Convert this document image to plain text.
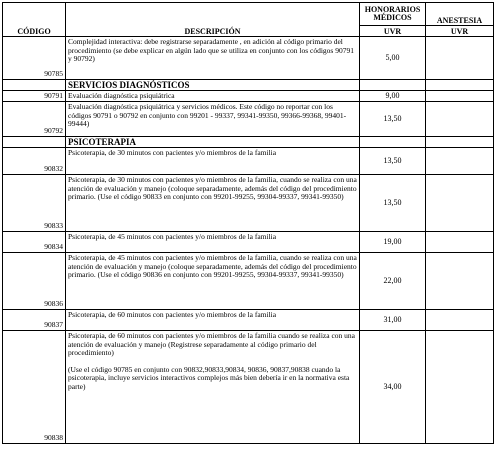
CÓDIGO	DESCRIPCIÓN	HONORARIOS MÉDICOS	ANESTESIA
		UVR	UVR
90785	Complejidad interactiva: debe registrarse separadamente , en adición al código primario del procedimiento (se debe explicar en algún lado que se utiliza en conjunto con los códigos 90791 y 90792)	5,00	
	SERVICIOS DIAGNÓSTICOS		
90791	Evaluación diagnóstica psiquiátrica	9,00	
90792	Evaluación diagnóstica psiquiátrica y servicios médicos. Este código no reportar con los códigos 90791 o 90792 en conjunto con 99201 - 99337, 99341-99350, 99366-99368, 99401-99444)	13,50	
	PSICOTERAPIA		
90832	Psicoterapia, de 30 minutos con pacientes y/o miembros de la familia	13,50	
90833	Psicoterapia, de 30 minutos con pacientes y/o miembros de la familia, cuando se realiza con una atención de evaluación y manejo (coloque separadamente, además del código del procedimiento primario. (Use el código 90833 en conjunto con 99201-99255, 99304-99337, 99341-99350)	13,50	
90834	Psicoterapia, de 45 minutos con pacientes y/o miembros de la familia	19,00	
90836	Psicoterapia, de 45 minutos con pacientes y/o miembros de la familia, cuando se realiza con una atención de evaluación y manejo (coloque separadamente, además del código del procedimiento primario. (Use el código 90836 en conjunto con 99201-99255, 99304-99337, 99341-99350)	22,00	
90837	Psicoterapia, de 60 minutos con pacientes y/o miembros de la familia	31,00	
90838	Psicoterapia, de 60 minutos con pacientes y/o miembros de la familia cuando se realiza con una atención de evaluación y manejo (Registrese separadamente al código primario del procedimiento)
(Use el código 90785 en conjunto con 90832,90833,90834, 90836, 90837,90838 cuando la psicoterapia, incluye servicios interactivos complejos más bien debería ir en la normativa esta parte)	34,00	
